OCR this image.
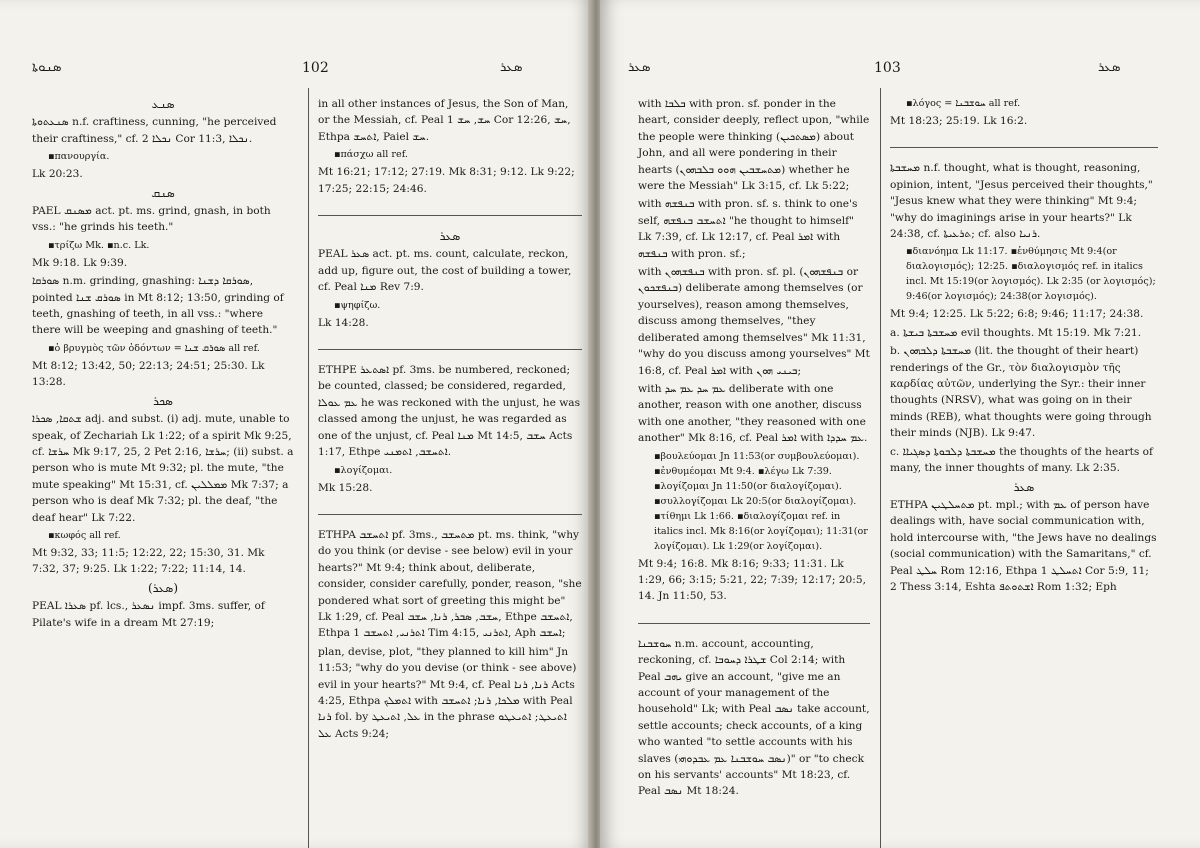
ܣܢܘܬܐ	102	ܣܥܪ

ܣܢܥ

ܣܢܥܬܘܬܐ n.f. craftiness, cunning, "he perceived their craftiness," cf. ܢܟܠܐ 2 Cor 11:3, ܢܟܠܐ.

▪πανουργία.

Lk 20:23.

ܣܢܩ

PAEL ܡܣܢܩ act. pt. ms. grind, gnash, in both vss.: "he grinds his teeth."

▪τρίζω Mk. ▪n.c. Lk.

Mk 9:18. Lk 9:39.

ܣܘܪܩܐ n.m. grinding, gnashing: ܣܘܪܩܐ ܕܫܢܐ, pointed ܣܘܪܩ ܫܢܐ in Mt 8:12; 13:50, grinding of teeth, gnashing of teeth, in all vss.: "where there will be weeping and gnashing of teeth."

▪ὁ βρυγμὸς τῶν ὀδόντων = ܣܘܪܩ ܫܢܐ all ref.

Mt 8:12; 13:42, 50; 22:13; 24:51; 25:30. Lk 13:28.

ܣܟܪ

ܫܬܩܐ, ܣܟܪܐ adj. and subst. (i) adj. mute, unable to speak, of Zechariah Lk 1:22; of a spirit Mk 9:25, cf. ܚܪܫܐ Mk 9:17, 25, 2 Pet 2:16, ܚܪܫܐ; (ii) subst. a person who is mute Mt 9:32; pl. the mute, "the mute speaking" Mt 15:31, cf. ܡܡܠܠܝܢ Mk 7:37; a person who is deaf Mk 7:32; pl. the deaf, "the deaf hear" Lk 7:22.

▪κωφός all ref.

Mt 9:32, 33; 11:5; 12:22, 22; 15:30, 31. Mk 7:32, 37; 9:25. Lk 1:22; 7:22; 11:14, 14.

(ܣܥܪ)

PEAL ܣܥܪܐ pf. lcs., ܢܣܥܪ impf. 3ms. suffer, of Pilate's wife in a dream Mt 27:19;

in all other instances of Jesus, the Son of Man, or the Messiah, cf. Peal ܚܫ, ܚܫ 1 Cor 12:26, ܚܫ, Ethpa ܐܬܚܫ, Paiel ܚܫ.

▪πάσχω all ref.

Mt 16:21; 17:12; 27:19. Mk 8:31; 9:12. Lk 9:22; 17:25; 22:15; 24:46.

ܣܥܪ

PEAL ܣܥܪ act. pt. ms. count, calculate, reckon, add up, figure out, the cost of building a tower, cf. Peal ܡܢܐ Rev 7:9.

▪ψηφίζω.

Lk 14:28.

ETHPE ܐܣܬܥܪ pf. 3ms. be numbered, reckoned; be counted, classed; be considered, regarded, ܥܡ ܥܘܠܐ he was reckoned with the unjust, he was classed among the unjust, he was regarded as one of the unjust, cf. Peal ܡܢܐ Mt 14:5, ܚܫܒ Acts 1:17, Ethpe ܐܬܚܫܒ, ܐܬܡܢܝ.

▪λογίζομαι.

Mk 15:28.

ETHPA ܐܬܚܫܒ pf. 3ms., ܡܬܚܫܒ pt. ms. think, "why do you think (or devise - see below) evil in your hearts?" Mt 9:4; think about, deliberate, consider, consider carefully, ponder, reason, "she pondered what sort of greeting this might be" Lk 1:29, cf. Peal ܚܫܒ, ܣܒܪ, ܪܢܐ, ܚܫܒ, Ethpe ܐܬܚܫܒ, Ethpa ܐܬܪܢܝ, ܐܬܚܫܒ 1 Tim 4:15, ܐܬܪܢܝ, Aph ܐܚܫܒ;

plan, devise, plot, "they planned to kill him" Jn 11:53; "why do you devise (or think - see above) evil in your hearts?" Mt 9:4, cf. Peal ܪܢܐ, ܪܢܐ Acts 4:25, Ethpa ܐܬܡܠܟ with ܡܠܟܐ, ܪܢܐ; ܐܬܚܫܒ with Peal ܪܢܐ fol. by ܥܠ, ܐܬܝܥܛ in the phrase ܐܬܝܥܛ; ܐܬܝܥܛܘ ܥܠ Acts 9:24;

ܣܥܪ	103	ܣܥܪ

with ܒܠܒܐ with pron. sf. ponder in the heart, consider deeply, reflect upon, "while the people were thinking (ܡܣܬܟܝܢ) about John, and all were pondering in their hearts (ܡܬܚܫܒܝܢ ܗܘܘ ܒܠܒܗܘܢ) whether he were the Messiah" Lk 3:15, cf. Lk 5:22;

with ܒܢܦܫܗ with pron. sf. s. think to one's self, ܐܬܚܫܒ ܒܢܦܫܗ "he thought to himself" Lk 7:39, cf. Lk 12:17, cf. Peal ܐܡܪ with ܒܢܦܫܗ with pron. sf.;

with ܒܢܦܫܗܘܢ with pron. sf. pl. (ܒܢܦܫܗܘܢ or ܒܢܦܫܟܘܢ) deliberate among themselves (or yourselves), reason among themselves, discuss among themselves, "they deliberated among themselves" Mk 11:31, "why do you discuss among yourselves" Mt 16:8, cf. Peal ܐܡܪ with ܒܝܢܝ ܗܘܢ;

with ܥܡ ܚܕ ܥܡ ܚܕ deliberate with one another, reason with one another, discuss with one another, "they reasoned with one another" Mk 8:16, cf. Peal ܐܡܪ with ܥܡ ܚܕܕܐ.

▪βουλεύομαι Jn 11:53(or συμβουλεύομαι). ▪ἐνθυμέομαι Mt 9:4. ▪λέγω Lk 7:39. ▪λογίζομαι Jn 11:50(or διαλογίζομαι). ▪συλλογίζομαι Lk 20:5(or διαλογίζομαι). ▪τίθημι Lk 1:66. ▪διαλογίζομαι ref. in italics incl. Mk 8:16(or λογίζομαι); 11:31(or λογίζομαι). Lk 1:29(or λογίζομαι).

Mt 9:4; 16:8. Mk 8:16; 9:33; 11:31. Lk 1:29, 66; 3:15; 5:21, 22; 7:39; 12:17; 20:5, 14. Jn 11:50, 53.

ܚܘܫܒܢܐ n.m. account, accounting, reckoning, cf. ܫܛܪܐ ܕܚܘܒܐ Col 2:14; with Peal ܝܗܒ give an account, "give me an account of your management of the household" Lk; with Peal ܢܣܒ take account, settle accounts; check accounts, of a king who wanted "to settle accounts with his slaves (ܢܣܒ ܚܘܫܒܢܐ ܥܡ ܥܒܕܘܗܝ)" or "to check on his servants' accounts" Mt 18:23, cf. Peal ܢܣܒ Mt 18:24.

▪λόγος = ܚܘܫܒܢܐ all ref.

Mt 18:23; 25:19. Lk 16:2.

ܡܚܫܒܬܐ n.f. thought, what is thought, reasoning, opinion, intent, "Jesus perceived their thoughts," "Jesus knew what they were thinking" Mt 9:4; "why do imaginings arise in your hearts?" Lk 24:38, cf. ܬܪܥܝܬܐ; cf. also ܪܢܝܐ.

▪διανόημα Lk 11:17. ▪ἐνθύμησις Mt 9:4(or διαλογισμός); 12:25. ▪διαλογισμός ref. in italics incl. Mt 15:19(or λογισμός). Lk 2:35 (or λογισμός); 9:46(or λογισμός); 24:38(or λογισμός).

Mt 9:4; 12:25. Lk 5:22; 6:8; 9:46; 11:17; 24:38.

a. ܡܚܫܒܬܐ ܒܝܫܬܐ evil thoughts. Mt 15:19. Mk 7:21.

b. ܡܚܫܒܬܐ ܕܠܒܗܘܢ (lit. the thought of their heart) renderings of the Gr., τὸν διαλογισμὸν τῆς καρδίας αὐτῶν, underlying the Syr.: their inner thoughts (NRSV), what was going on in their minds (REB), what thoughts were going through their minds (NJB). Lk 9:47.

c. ܡܚܫܒܬܐ ܕܠܒܘܬܐ ܕܣܓܝܐܐ the thoughts of the hearts of many, the inner thoughts of many. Lk 2:35.

ܣܥܪ

ETHPA ܡܬܚܠܛܝܢ pt. mpl.; with ܥܡ of person have dealings with, have social communication with, hold intercourse with, "the Jews have no dealings (social communication) with the Samaritans," cf. Peal ܚܠܛ Rom 12:16, Ethpa ܐܬܚܠܛ 1 Cor 5:9, 11; 2 Thess 3:14, Eshta ܐܫܬܘܬܦ Rom 1:32; Eph
